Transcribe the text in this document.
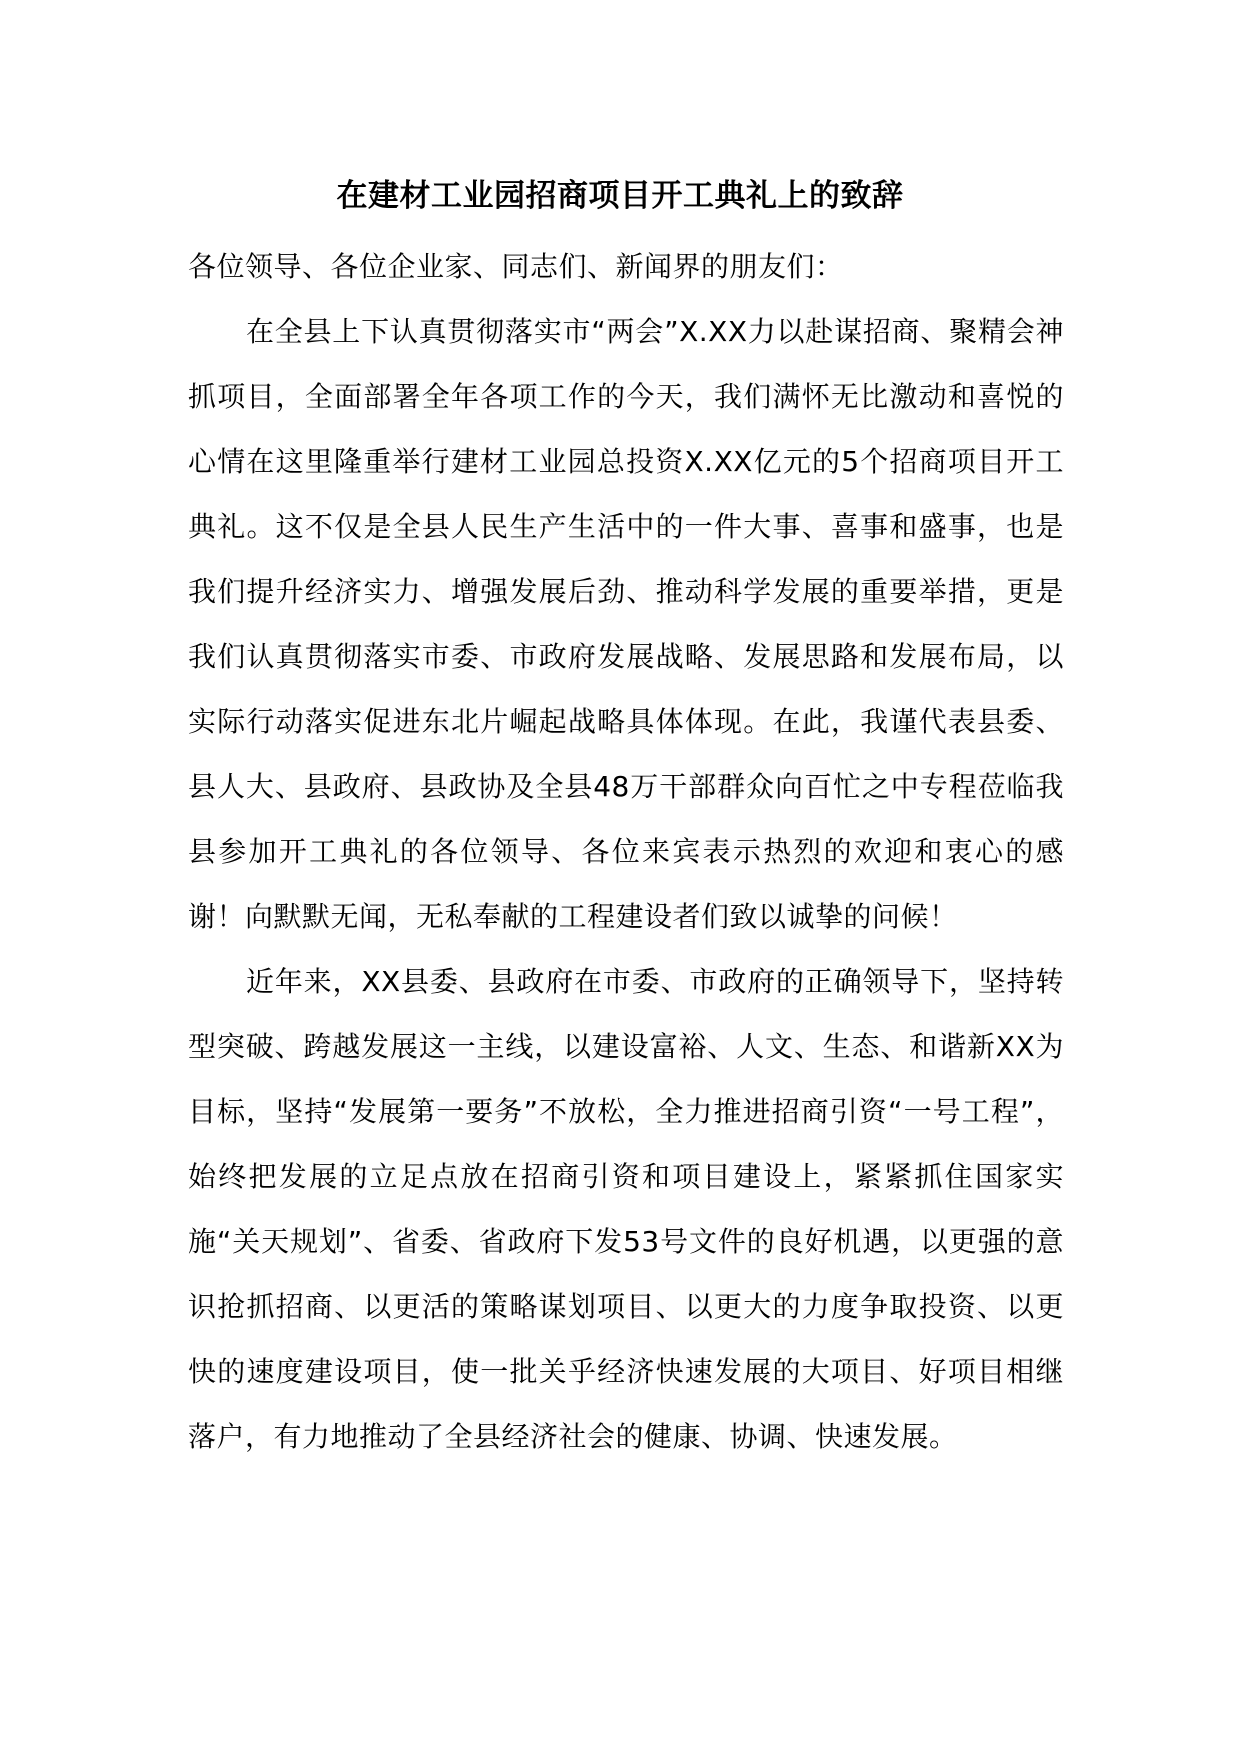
在建材工业园招商项目开工典礼上的致辞

各位领导、各位企业家、同志们、新闻界的朋友们：

在全县上下认真贯彻落实市“两会”X.XX力以赴谋招商、聚精会神抓项目，全面部署全年各项工作的今天，我们满怀无比激动和喜悦的心情在这里隆重举行建材工业园总投资X.XX亿元的5个招商项目开工典礼。这不仅是全县人民生产生活中的一件大事、喜事和盛事，也是我们提升经济实力、增强发展后劲、推动科学发展的重要举措，更是我们认真贯彻落实市委、市政府发展战略、发展思路和发展布局，以实际行动落实促进东北片崛起战略具体体现。在此，我谨代表县委、县人大、县政府、县政协及全县48万干部群众向百忙之中专程莅临我县参加开工典礼的各位领导、各位来宾表示热烈的欢迎和衷心的感谢！向默默无闻，无私奉献的工程建设者们致以诚挚的问候！

近年来，XX县委、县政府在市委、市政府的正确领导下，坚持转型突破、跨越发展这一主线，以建设富裕、人文、生态、和谐新XX为目标，坚持“发展第一要务”不放松，全力推进招商引资“一号工程”，始终把发展的立足点放在招商引资和项目建设上，紧紧抓住国家实施“关天规划”、省委、省政府下发53号文件的良好机遇，以更强的意识抢抓招商、以更活的策略谋划项目、以更大的力度争取投资、以更快的速度建设项目，使一批关乎经济快速发展的大项目、好项目相继落户，有力地推动了全县经济社会的健康、协调、快速发展。
